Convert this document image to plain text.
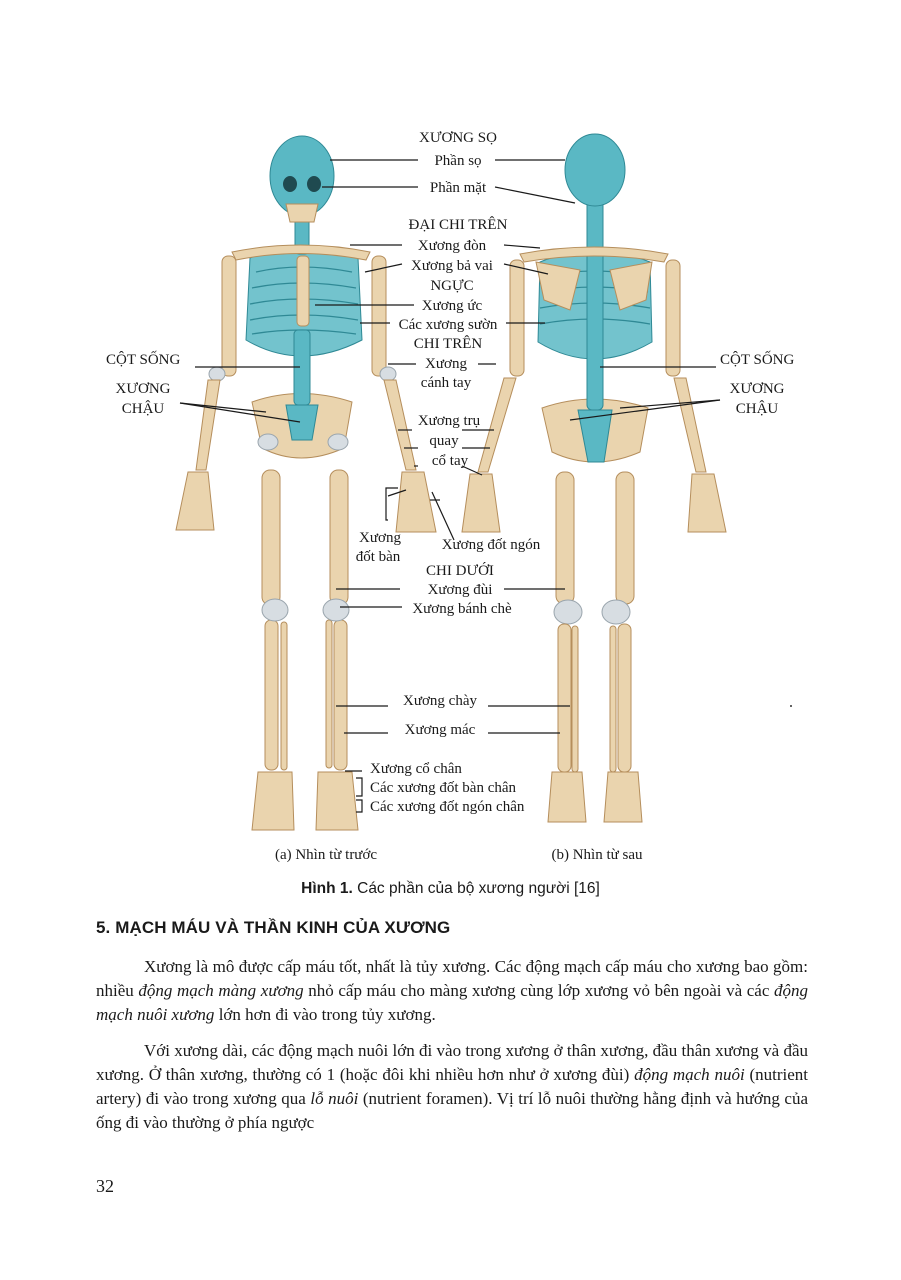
XƯƠNG SỌ
Phần sọ
Phần mặt
ĐẠI CHI TRÊN
Xương đòn
Xương bả vai
NGỰC
Xương ức
Các xương sườn
CHI TRÊN
Xương
cánh tay
CỘT SỐNG	CỘT SỐNG
XƯƠNG
CHẬU
XƯƠNG
CHẬU
Xương trụ
quay
cổ tay
Xương
đốt bàn
Xương đốt ngón
CHI DƯỚI
Xương đùi
Xương bánh chè
Xương chày
Xương mác
Xương cổ chân
Các xương đốt bàn chân
Các xương đốt ngón chân
(a) Nhìn từ trước	(b) Nhìn từ sau
Hình 1. Các phần của bộ xương người [16]
5. MẠCH MÁU VÀ THẦN KINH CỦA XƯƠNG

Xương là mô được cấp máu tốt, nhất là tủy xương. Các động mạch cấp máu cho xương bao gồm: nhiều động mạch màng xương nhỏ cấp máu cho màng xương cùng lớp xương vỏ bên ngoài và các động mạch nuôi xương lớn hơn đi vào trong tủy xương.

Với xương dài, các động mạch nuôi lớn đi vào trong xương ở thân xương, đầu thân xương và đầu xương. Ở thân xương, thường có 1 (hoặc đôi khi nhiều hơn như ở xương đùi) động mạch nuôi (nutrient artery) đi vào trong xương qua lỗ nuôi (nutrient foramen). Vị trí lỗ nuôi thường hằng định và hướng của ống đi vào thường ở phía ngược

32
